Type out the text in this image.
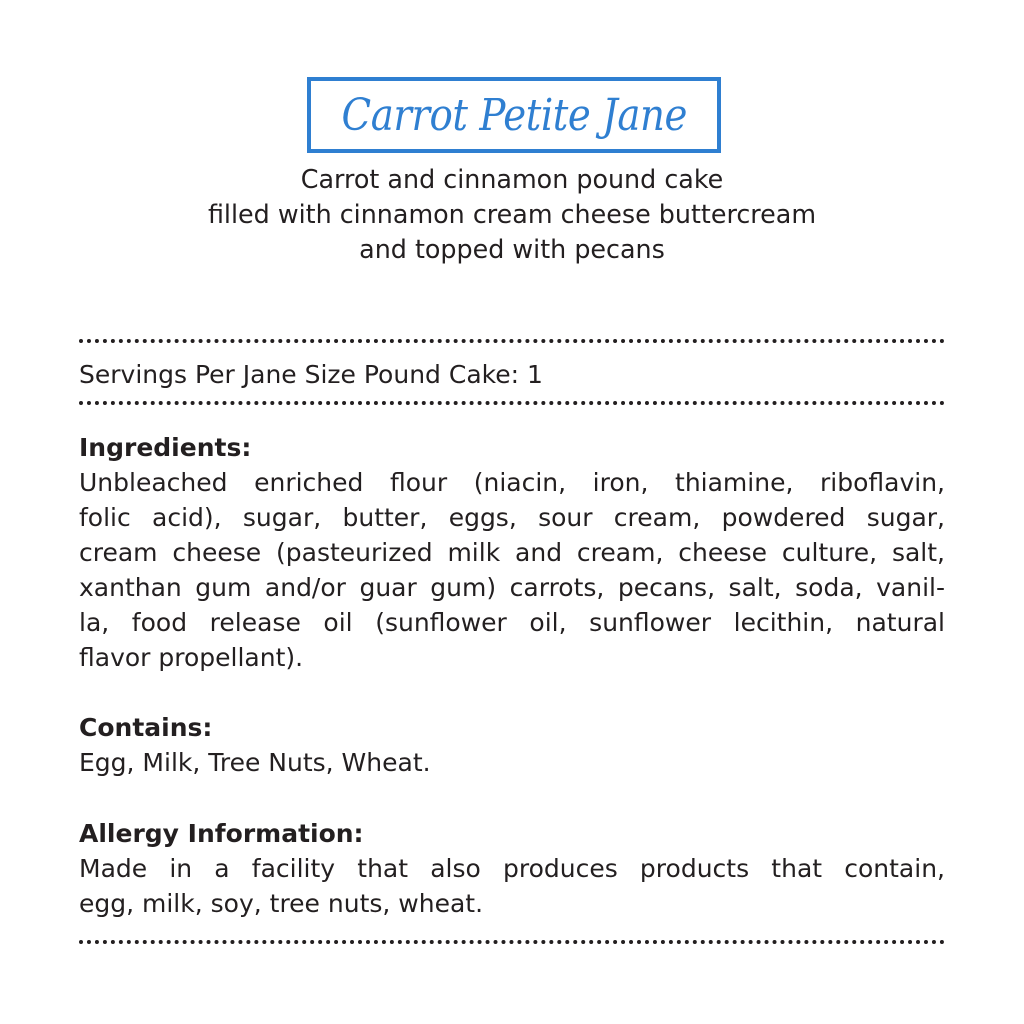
Carrot Petite Jane
Carrot and cinnamon pound cake
filled with cinnamon cream cheese buttercream
and topped with pecans
Servings Per Jane Size Pound Cake: 1

Ingredients:

Unbleached enriched flour (niacin, iron, thiamine, riboflavin,
folic acid), sugar, butter, eggs, sour cream, powdered sugar,
cream cheese (pasteurized milk and cream, cheese culture, salt,
xanthan gum and/or guar gum) carrots, pecans, salt, soda, vanil-
la, food release oil (sunflower oil, sunflower lecithin, natural
flavor propellant).

Contains:

Egg, Milk, Tree Nuts, Wheat.

Allergy Information:

Made in a facility that also produces products that contain,
egg, milk, soy, tree nuts, wheat.
